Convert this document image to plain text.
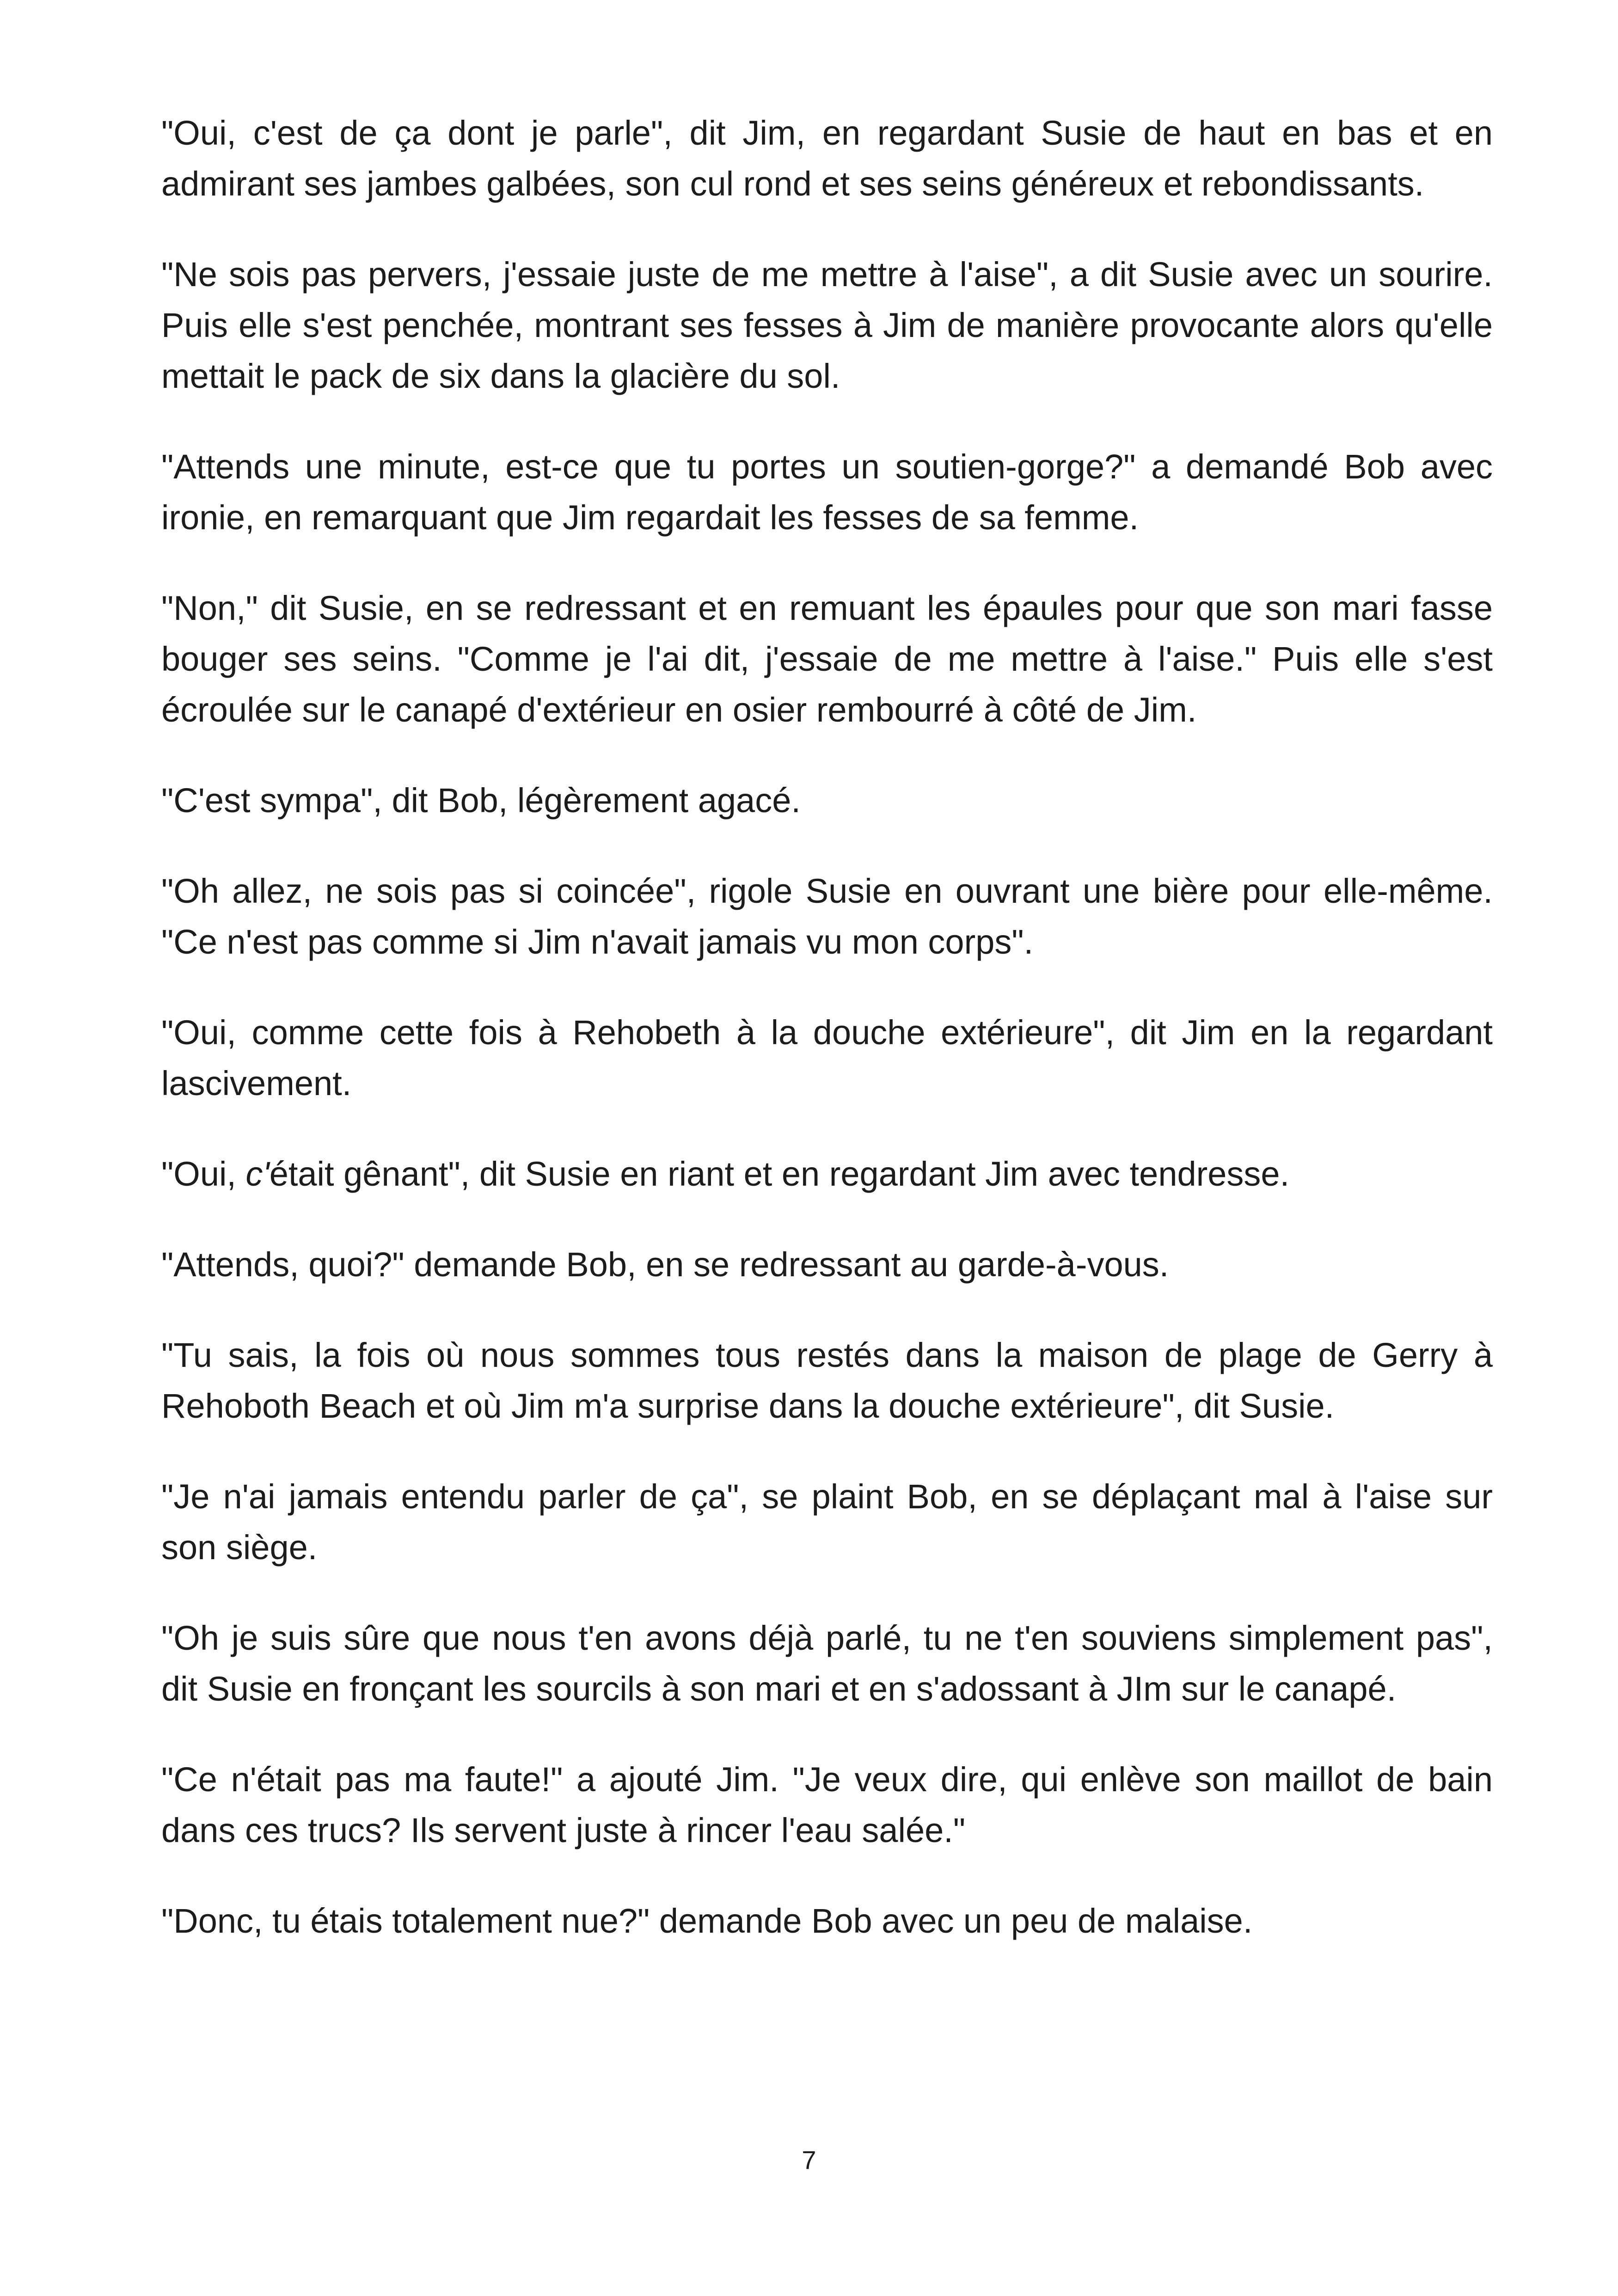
"Oui, c'est de ça dont je parle", dit Jim, en regardant Susie de haut en bas et en admirant ses jambes galbées, son cul rond et ses seins généreux et rebondissants.

"Ne sois pas pervers, j'essaie juste de me mettre à l'aise", a dit Susie avec un sourire. Puis elle s'est penchée, montrant ses fesses à Jim de manière provocante alors qu'elle mettait le pack de six dans la glacière du sol.

"Attends une minute, est-ce que tu portes un soutien-gorge?" a demandé Bob avec ironie, en remarquant que Jim regardait les fesses de sa femme.

"Non," dit Susie, en se redressant et en remuant les épaules pour que son mari fasse bouger ses seins. "Comme je l'ai dit, j'essaie de me mettre à l'aise." Puis elle s'est écroulée sur le canapé d'extérieur en osier rembourré à côté de Jim.

"C'est sympa", dit Bob, légèrement agacé.

"Oh allez, ne sois pas si coincée", rigole Susie en ouvrant une bière pour elle-même. "Ce n'est pas comme si Jim n'avait jamais vu mon corps".

"Oui, comme cette fois à Rehobeth à la douche extérieure", dit Jim en la regardant lascivement.

"Oui, c'était gênant", dit Susie en riant et en regardant Jim avec tendresse.

"Attends, quoi?" demande Bob, en se redressant au garde-à-vous.

"Tu sais, la fois où nous sommes tous restés dans la maison de plage de Gerry à Rehoboth Beach et où Jim m'a surprise dans la douche extérieure", dit Susie.

"Je n'ai jamais entendu parler de ça", se plaint Bob, en se déplaçant mal à l'aise sur son siège.

"Oh je suis sûre que nous t'en avons déjà parlé, tu ne t'en souviens simplement pas", dit Susie en fronçant les sourcils à son mari et en s'adossant à JIm sur le canapé.

"Ce n'était pas ma faute!" a ajouté Jim. "Je veux dire, qui enlève son maillot de bain dans ces trucs? Ils servent juste à rincer l'eau salée."

"Donc, tu étais totalement nue?" demande Bob avec un peu de malaise.

7
